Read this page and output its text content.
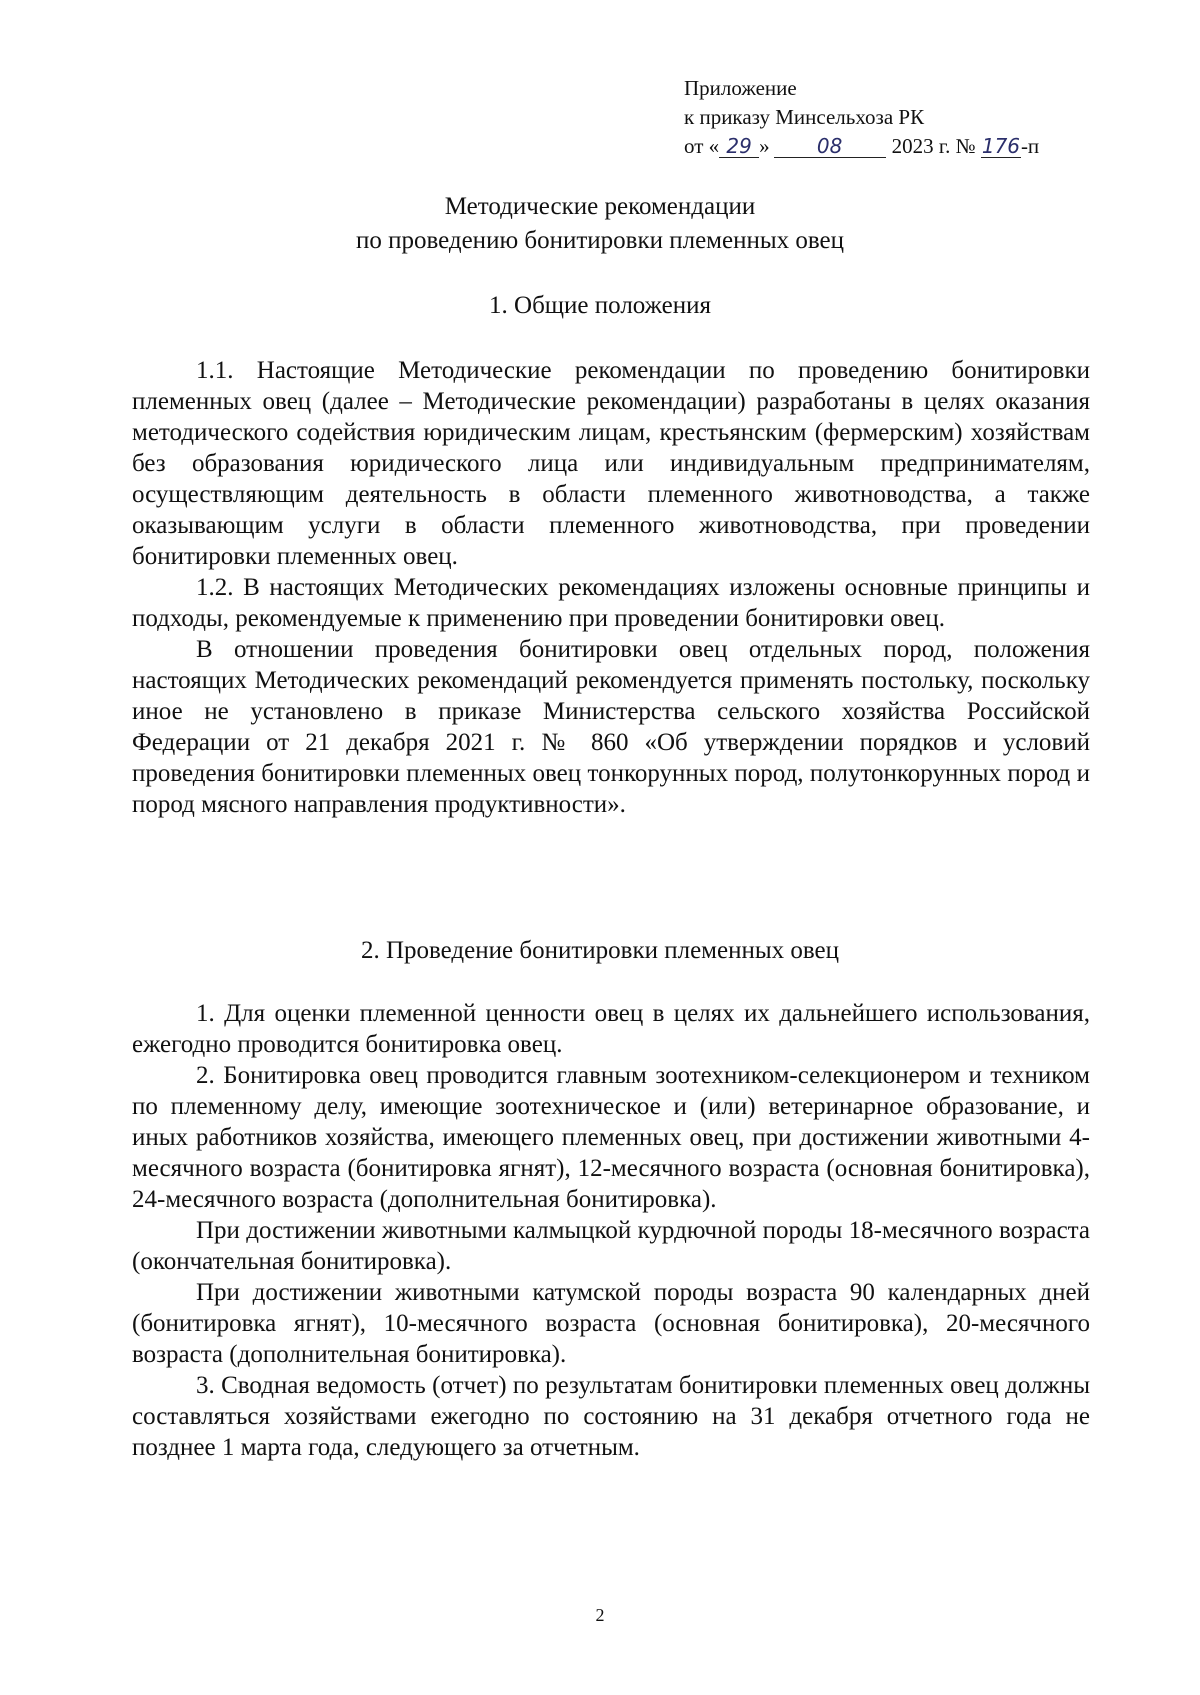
Приложение
к приказу Минсельхоза РК
от « 29 » 08 2023 г. № 176-п
Методические рекомендации
по проведению бонитировки племенных овец
1. Общие положения

1.1. Настоящие Методические рекомендации по проведению бонитировки племенных овец (далее – Методические рекомендации) разработаны в целях оказания методического содействия юридическим лицам, крестьянским (фермерским) хозяйствам без образования юридического лица или индивидуальным предпринимателям, осуществляющим деятельность в области племенного животноводства, а также оказывающим услуги в области племенного животноводства, при проведении бонитировки племенных овец.

1.2. В настоящих Методических рекомендациях изложены основные принципы и подходы, рекомендуемые к применению при проведении бонитировки овец.

В отношении проведения бонитировки овец отдельных пород, положения настоящих Методических рекомендаций рекомендуется применять постольку, поскольку иное не установлено в приказе Министерства сельского хозяйства Российской Федерации от 21 декабря 2021 г. № 860 «Об утверждении порядков и условий проведения бонитировки племенных овец тонкорунных пород, полутонкорунных пород и пород мясного направления продуктивности».

2. Проведение бонитировки племенных овец

1. Для оценки племенной ценности овец в целях их дальнейшего использования, ежегодно проводится бонитировка овец.

2. Бонитировка овец проводится главным зоотехником-селекционером и техником по племенному делу, имеющие зоотехническое и (или) ветеринарное образование, и иных работников хозяйства, имеющего племенных овец, при достижении животными 4-месячного возраста (бонитировка ягнят), 12-месячного возраста (основная бонитировка), 24-месячного возраста (дополнительная бонитировка).

При достижении животными калмыцкой курдючной породы 18-месячного возраста (окончательная бонитировка).

При достижении животными катумской породы возраста 90 календарных дней (бонитировка ягнят), 10-месячного возраста (основная бонитировка), 20-месячного возраста (дополнительная бонитировка).

3. Сводная ведомость (отчет) по результатам бонитировки племенных овец должны составляться хозяйствами ежегодно по состоянию на 31 декабря отчетного года не позднее 1 марта года, следующего за отчетным.

2
